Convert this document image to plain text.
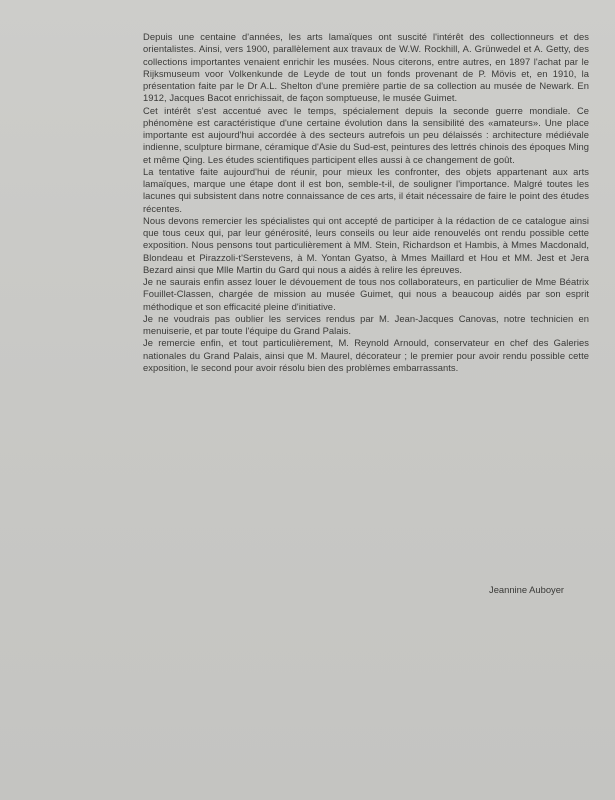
Depuis une centaine d'années, les arts lamaïques ont suscité l'intérêt des collectionneurs et des orientalistes. Ainsi, vers 1900, parallèlement aux travaux de W.W. Rockhill, A. Grünwedel et A. Getty, des collections importantes venaient enrichir les musées. Nous citerons, entre autres, en 1897 l'achat par le Rijksmuseum voor Volkenkunde de Leyde de tout un fonds provenant de P. Mövis et, en 1910, la présentation faite par le Dr A.L. Shelton d'une première partie de sa collection au musée de Newark. En 1912, Jacques Bacot enrichissait, de façon somptueuse, le musée Guimet.

Cet intérêt s'est accentué avec le temps, spécialement depuis la seconde guerre mondiale. Ce phénomène est caractéristique d'une certaine évolution dans la sensibilité des «amateurs». Une place importante est aujourd'hui accordée à des secteurs autrefois un peu délaissés : architecture médiévale indienne, sculpture birmane, céramique d'Asie du Sud-est, peintures des lettrés chinois des époques Ming et même Qing. Les études scientifiques participent elles aussi à ce changement de goût.

La tentative faite aujourd'hui de réunir, pour mieux les confronter, des objets appartenant aux arts lamaïques, marque une étape dont il est bon, semble-t-il, de souligner l'importance. Malgré toutes les lacunes qui subsistent dans notre connaissance de ces arts, il était nécessaire de faire le point des études récentes.

Nous devons remercier les spécialistes qui ont accepté de participer à la rédaction de ce catalogue ainsi que tous ceux qui, par leur générosité, leurs conseils ou leur aide renouvelés ont rendu possible cette exposition. Nous pensons tout particulièrement à MM. Stein, Richardson et Hambis, à Mmes Macdonald, Blondeau et Pirazzoli-t'Serstevens, à M. Yontan Gyatso, à Mmes Maillard et Hou et MM. Jest et Jera Bezard ainsi que Mlle Martin du Gard qui nous a aidés à relire les épreuves.

Je ne saurais enfin assez louer le dévouement de tous nos collaborateurs, en particulier de Mme Béatrix Fouillet-Classen, chargée de mission au musée Guimet, qui nous a beaucoup aidés par son esprit méthodique et son efficacité pleine d'initiative.

Je ne voudrais pas oublier les services rendus par M. Jean-Jacques Canovas, notre technicien en menuiserie, et par toute l'équipe du Grand Palais.

Je remercie enfin, et tout particulièrement, M. Reynold Arnould, conservateur en chef des Galeries nationales du Grand Palais, ainsi que M. Maurel, décorateur ; le premier pour avoir rendu possible cette exposition, le second pour avoir résolu bien des problèmes embarrassants.

Jeannine Auboyer
